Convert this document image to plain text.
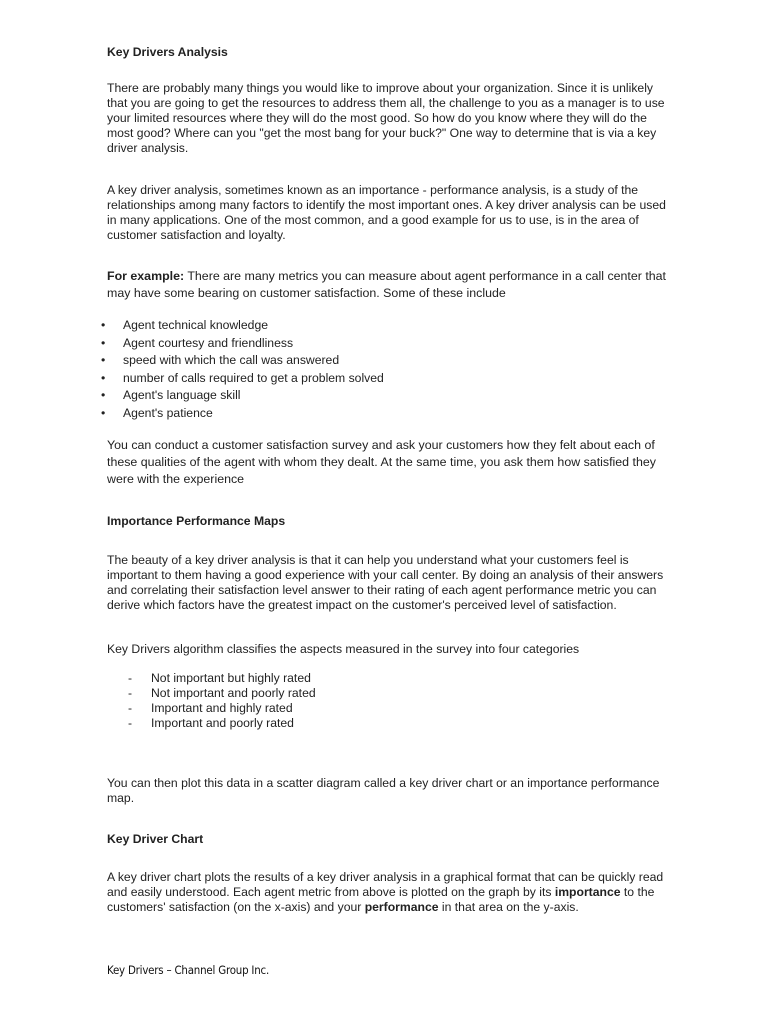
Key Drivers Analysis
There are probably many things you would like to improve about your organization. Since it is unlikely that you are going to get the resources to address them all, the challenge to you as a manager is to use your limited resources where they will do the most good. So how do you know where they will do the most good? Where can you "get the most bang for your buck?" One way to determine that is via a key driver analysis.
A key driver analysis, sometimes known as an importance - performance analysis, is a study of the relationships among many factors to identify the most important ones. A key driver analysis can be used in many applications. One of the most common, and a good example for us to use, is in the area of customer satisfaction and loyalty.
For example: There are many metrics you can measure about agent performance in a call center that may have some bearing on customer satisfaction. Some of these include
• Agent technical knowledge
• Agent courtesy and friendliness
• speed with which the call was answered
• number of calls required to get a problem solved
• Agent's language skill
• Agent's patience
You can conduct a customer satisfaction survey and ask your customers how they felt about each of these qualities of the agent with whom they dealt. At the same time, you ask them how satisfied they were with the experience
Importance Performance Maps
The beauty of a key driver analysis is that it can help you understand what your customers feel is important to them having a good experience with your call center. By doing an analysis of their answers and correlating their satisfaction level answer to their rating of each agent performance metric you can derive which factors have the greatest impact on the customer's perceived level of satisfaction.
Key Drivers algorithm classifies the aspects measured in the survey into four categories
- Not important but highly rated
- Not important and poorly rated
- Important and highly rated
- Important and poorly rated
You can then plot this data in a scatter diagram called a key driver chart or an importance performance map.
Key Driver Chart
A key driver chart plots the results of a key driver analysis in a graphical format that can be quickly read and easily understood. Each agent metric from above is plotted on the graph by its importance to the customers' satisfaction (on the x-axis) and your performance in that area on the y-axis.
Key Drivers – Channel Group Inc.
